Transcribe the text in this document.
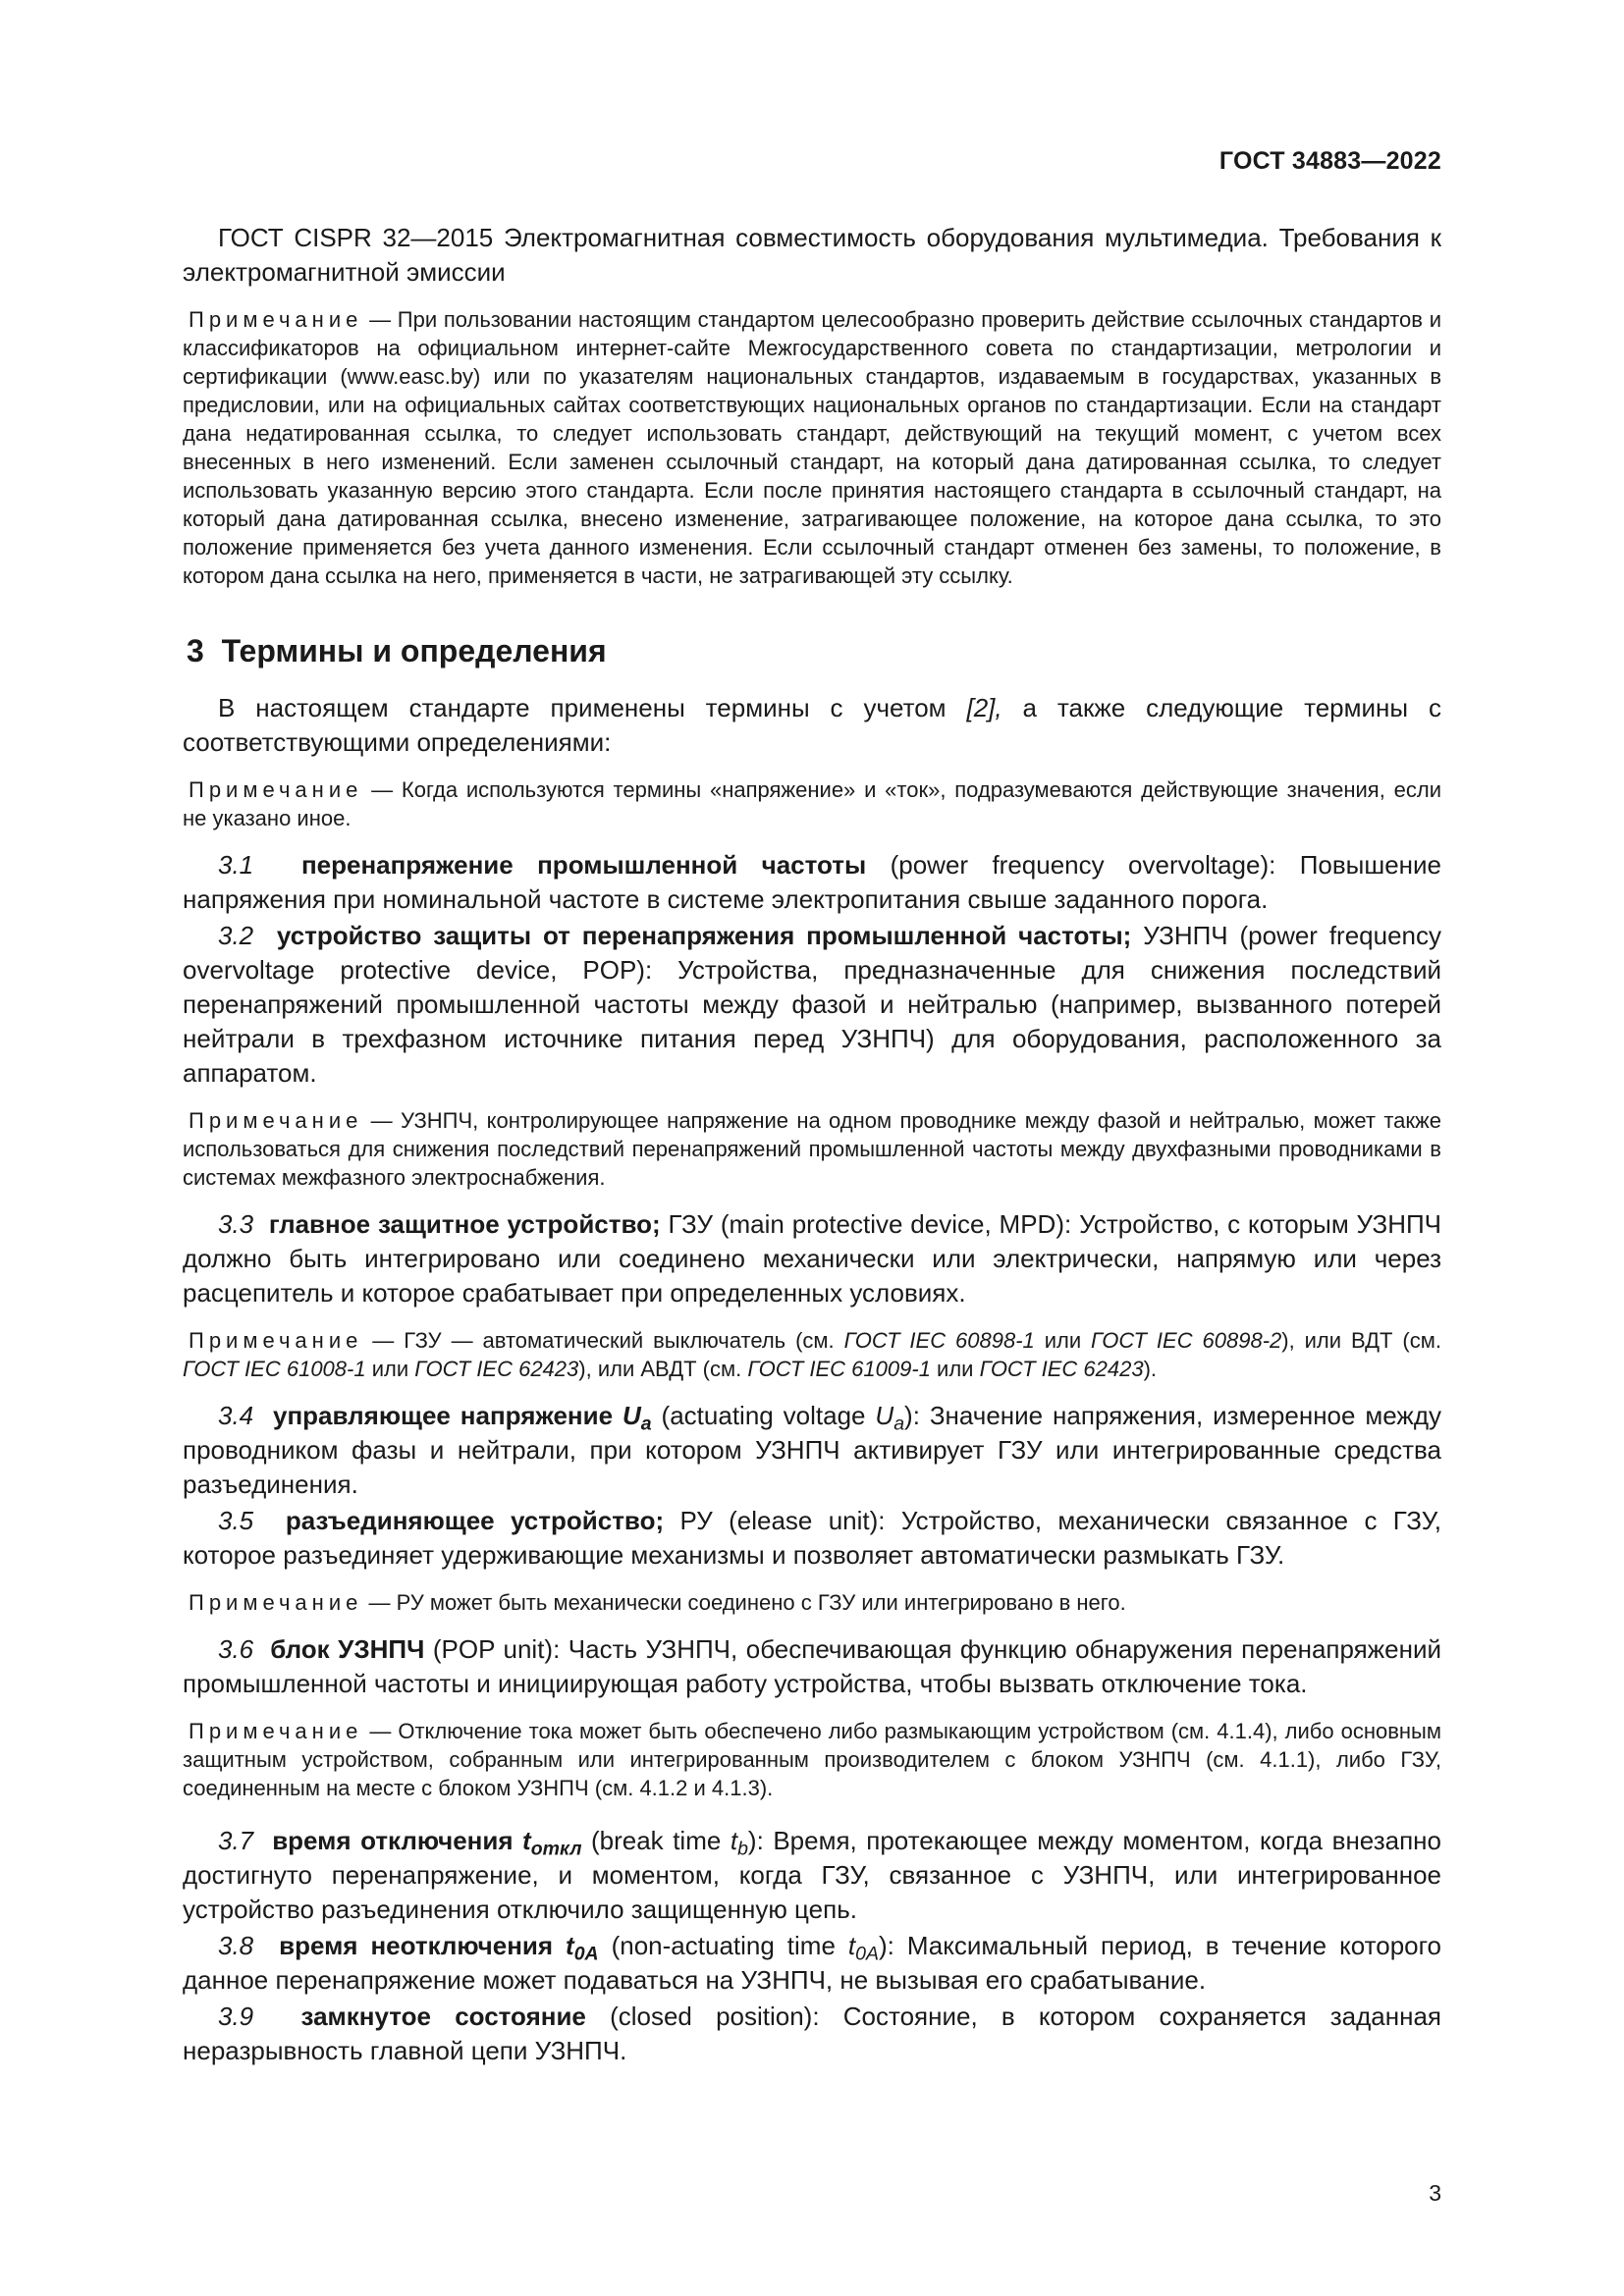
ГОСТ 34883—2022

ГОСТ CISPR 32—2015 Электромагнитная совместимость оборудования мультимедиа. Требования к электромагнитной эмиссии

Примечание — При пользовании настоящим стандартом целесообразно проверить действие ссылочных стандартов и классификаторов на официальном интернет-сайте Межгосударственного совета по стандартизации, метрологии и сертификации (www.easc.by) или по указателям национальных стандартов, издаваемым в государствах, указанных в предисловии, или на официальных сайтах соответствующих национальных органов по стандартизации. Если на стандарт дана недатированная ссылка, то следует использовать стандарт, действующий на текущий момент, с учетом всех внесенных в него изменений. Если заменен ссылочный стандарт, на который дана датированная ссылка, то следует использовать указанную версию этого стандарта. Если после принятия настоящего стандарта в ссылочный стандарт, на который дана датированная ссылка, внесено изменение, затрагивающее положение, на которое дана ссылка, то это положение применяется без учета данного изменения. Если ссылочный стандарт отменен без замены, то положение, в котором дана ссылка на него, применяется в части, не затрагивающей эту ссылку.

3 Термины и определения

В настоящем стандарте применены термины с учетом [2], а также следующие термины с соответствующими определениями:

Примечание — Когда используются термины «напряжение» и «ток», подразумеваются действующие значения, если не указано иное.

3.1 перенапряжение промышленной частоты (power frequency overvoltage): Повышение напряжения при номинальной частоте в системе электропитания свыше заданного порога.

3.2 устройство защиты от перенапряжения промышленной частоты; УЗНПЧ (power frequency overvoltage protective device, POP): Устройства, предназначенные для снижения последствий перенапряжений промышленной частоты между фазой и нейтралью (например, вызванного потерей нейтрали в трехфазном источнике питания перед УЗНПЧ) для оборудования, расположенного за аппаратом.

Примечание — УЗНПЧ, контролирующее напряжение на одном проводнике между фазой и нейтралью, может также использоваться для снижения последствий перенапряжений промышленной частоты между двухфазными проводниками в системах межфазного электроснабжения.

3.3 главное защитное устройство; ГЗУ (main protective device, MPD): Устройство, с которым УЗНПЧ должно быть интегрировано или соединено механически или электрически, напрямую или через расцепитель и которое срабатывает при определенных условиях.

Примечание — ГЗУ — автоматический выключатель (см. ГОСТ IEC 60898-1 или ГОСТ IEC 60898-2), или ВДТ (см. ГОСТ IEC 61008-1 или ГОСТ IEC 62423), или АВДТ (см. ГОСТ IEC 61009-1 или ГОСТ IEC 62423).

3.4 управляющее напряжение $U_а$ (actuating voltage $U_а$): Значение напряжения, измеренное между проводником фазы и нейтрали, при котором УЗНПЧ активирует ГЗУ или интегрированные средства разъединения.

3.5 разъединяющее устройство; РУ (elease unit): Устройство, механически связанное с ГЗУ, которое разъединяет удерживающие механизмы и позволяет автоматически размыкать ГЗУ.

Примечание — РУ может быть механически соединено с ГЗУ или интегрировано в него.

3.6 блок УЗНПЧ (POP unit): Часть УЗНПЧ, обеспечивающая функцию обнаружения перенапряжений промышленной частоты и инициирующая работу устройства, чтобы вызвать отключение тока.

Примечание — Отключение тока может быть обеспечено либо размыкающим устройством (см. 4.1.4), либо основным защитным устройством, собранным или интегрированным производителем с блоком УЗНПЧ (см. 4.1.1), либо ГЗУ, соединенным на месте с блоком УЗНПЧ (см. 4.1.2 и 4.1.3).

3.7 время отключения $t_{откл}$ (break time $t_b$): Время, протекающее между моментом, когда внезапно достигнуто перенапряжение, и моментом, когда ГЗУ, связанное с УЗНПЧ, или интегрированное устройство разъединения отключило защищенную цепь.

3.8 время неотключения $t_{0A}$ (non-actuating time $t_{0A}$): Максимальный период, в течение которого данное перенапряжение может подаваться на УЗНПЧ, не вызывая его срабатывание.

3.9 замкнутое состояние (closed position): Состояние, в котором сохраняется заданная неразрывность главной цепи УЗНПЧ.

3
